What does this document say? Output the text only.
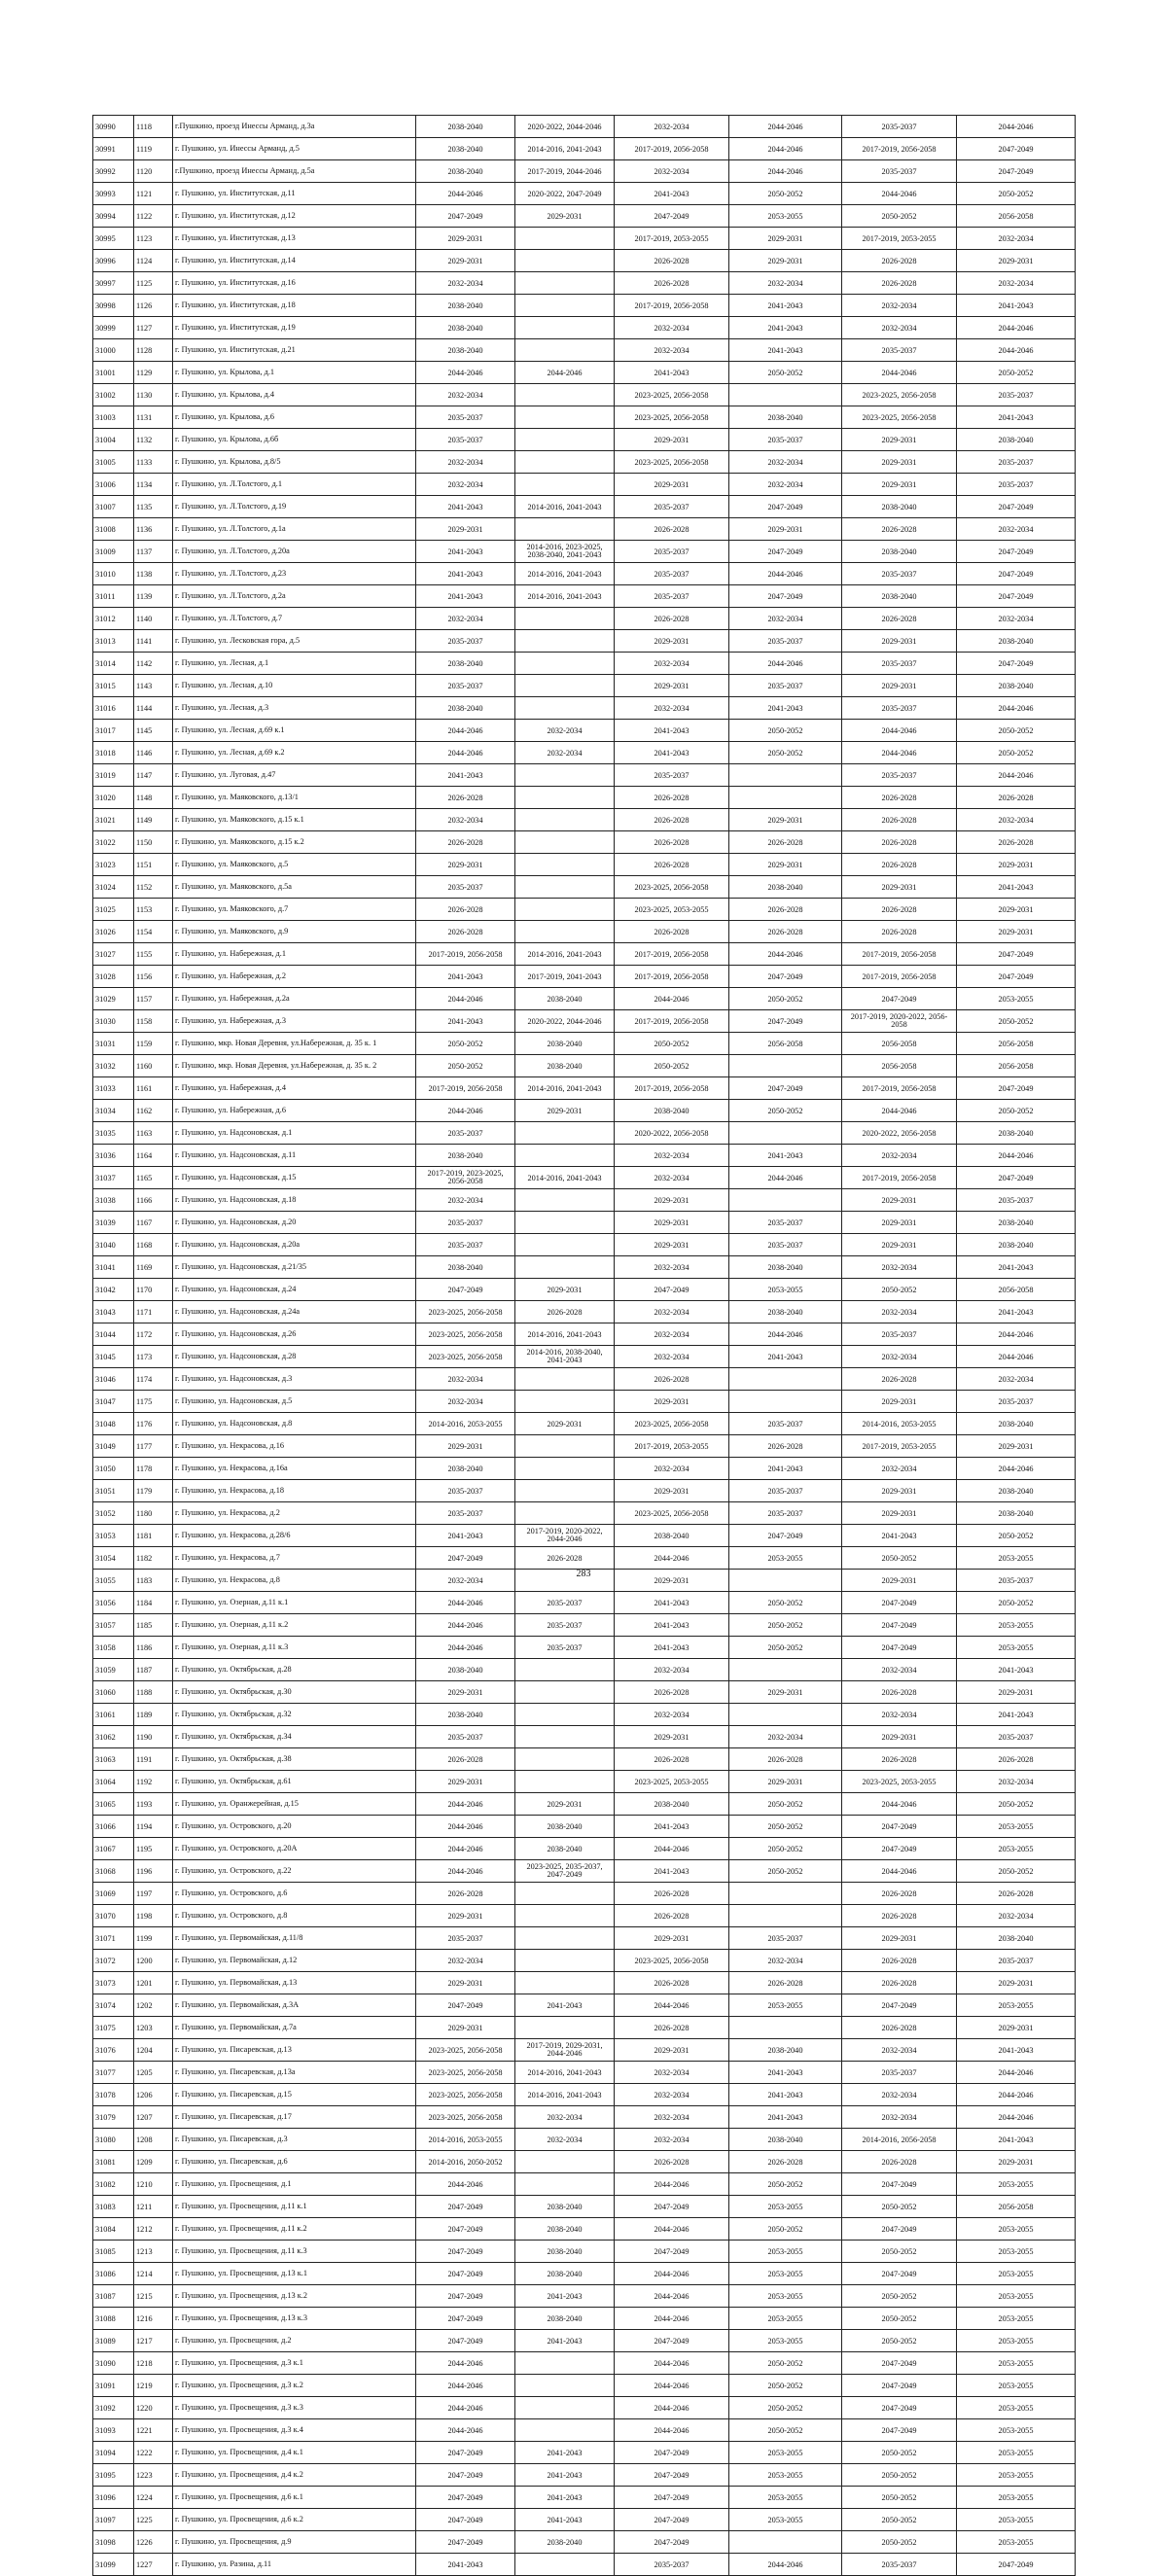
30990	1118	г.Пушкино, проезд Инессы Арманд, д.3а	2038-2040	2020-2022, 2044-2046	2032-2034	2044-2046	2035-2037	2044-2046
30991	1119	г. Пушкино, ул. Инессы Арманд, д.5	2038-2040	2014-2016, 2041-2043	2017-2019, 2056-2058	2044-2046	2017-2019, 2056-2058	2047-2049
30992	1120	г.Пушкино, проезд Инессы Арманд, д.5а	2038-2040	2017-2019, 2044-2046	2032-2034	2044-2046	2035-2037	2047-2049
30993	1121	г. Пушкино, ул. Институтская, д.11	2044-2046	2020-2022, 2047-2049	2041-2043	2050-2052	2044-2046	2050-2052
30994	1122	г. Пушкино, ул. Институтская, д.12	2047-2049	2029-2031	2047-2049	2053-2055	2050-2052	2056-2058
30995	1123	г. Пушкино, ул. Институтская, д.13	2029-2031		2017-2019, 2053-2055	2029-2031	2017-2019, 2053-2055	2032-2034
30996	1124	г. Пушкино, ул. Институтская, д.14	2029-2031		2026-2028	2029-2031	2026-2028	2029-2031
30997	1125	г. Пушкино, ул. Институтская, д.16	2032-2034		2026-2028	2032-2034	2026-2028	2032-2034
30998	1126	г. Пушкино, ул. Институтская, д.18	2038-2040		2017-2019, 2056-2058	2041-2043	2032-2034	2041-2043
30999	1127	г. Пушкино, ул. Институтская, д.19	2038-2040		2032-2034	2041-2043	2032-2034	2044-2046
31000	1128	г. Пушкино, ул. Институтская, д.21	2038-2040		2032-2034	2041-2043	2035-2037	2044-2046
31001	1129	г. Пушкино, ул. Крылова, д.1	2044-2046	2044-2046	2041-2043	2050-2052	2044-2046	2050-2052
31002	1130	г. Пушкино, ул. Крылова, д.4	2032-2034		2023-2025, 2056-2058		2023-2025, 2056-2058	2035-2037
31003	1131	г. Пушкино, ул. Крылова, д.6	2035-2037		2023-2025, 2056-2058	2038-2040	2023-2025, 2056-2058	2041-2043
31004	1132	г. Пушкино, ул. Крылова, д.6б	2035-2037		2029-2031	2035-2037	2029-2031	2038-2040
31005	1133	г. Пушкино, ул. Крылова, д.8/5	2032-2034		2023-2025, 2056-2058	2032-2034	2029-2031	2035-2037
31006	1134	г. Пушкино, ул. Л.Толстого, д.1	2032-2034		2029-2031	2032-2034	2029-2031	2035-2037
31007	1135	г. Пушкино, ул. Л.Толстого, д.19	2041-2043	2014-2016, 2041-2043	2035-2037	2047-2049	2038-2040	2047-2049
31008	1136	г. Пушкино, ул. Л.Толстого, д.1а	2029-2031		2026-2028	2029-2031	2026-2028	2032-2034
31009	1137	г. Пушкино, ул. Л.Толстого, д.20а	2041-2043	2014-2016, 2023-2025, 2038-2040, 2041-2043	2035-2037	2047-2049	2038-2040	2047-2049
31010	1138	г. Пушкино, ул. Л.Толстого, д.23	2041-2043	2014-2016, 2041-2043	2035-2037	2044-2046	2035-2037	2047-2049
31011	1139	г. Пушкино, ул. Л.Толстого, д.2а	2041-2043	2014-2016, 2041-2043	2035-2037	2047-2049	2038-2040	2047-2049
31012	1140	г. Пушкино, ул. Л.Толстого, д.7	2032-2034		2026-2028	2032-2034	2026-2028	2032-2034
31013	1141	г. Пушкино, ул. Лесковская гора, д.5	2035-2037		2029-2031	2035-2037	2029-2031	2038-2040
31014	1142	г. Пушкино, ул. Лесная, д.1	2038-2040		2032-2034	2044-2046	2035-2037	2047-2049
31015	1143	г. Пушкино, ул. Лесная, д.10	2035-2037		2029-2031	2035-2037	2029-2031	2038-2040
31016	1144	г. Пушкино, ул. Лесная, д.3	2038-2040		2032-2034	2041-2043	2035-2037	2044-2046
31017	1145	г. Пушкино, ул. Лесная, д.69 к.1	2044-2046	2032-2034	2041-2043	2050-2052	2044-2046	2050-2052
31018	1146	г. Пушкино, ул. Лесная, д.69 к.2	2044-2046	2032-2034	2041-2043	2050-2052	2044-2046	2050-2052
31019	1147	г. Пушкино, ул. Луговая, д.47	2041-2043		2035-2037		2035-2037	2044-2046
31020	1148	г. Пушкино, ул. Маяковского, д.13/1	2026-2028		2026-2028		2026-2028	2026-2028
31021	1149	г. Пушкино, ул. Маяковского, д.15 к.1	2032-2034		2026-2028	2029-2031	2026-2028	2032-2034
31022	1150	г. Пушкино, ул. Маяковского, д.15 к.2	2026-2028		2026-2028	2026-2028	2026-2028	2026-2028
31023	1151	г. Пушкино, ул. Маяковского, д.5	2029-2031		2026-2028	2029-2031	2026-2028	2029-2031
31024	1152	г. Пушкино, ул. Маяковского, д.5а	2035-2037		2023-2025, 2056-2058	2038-2040	2029-2031	2041-2043
31025	1153	г. Пушкино, ул. Маяковского, д.7	2026-2028		2023-2025, 2053-2055	2026-2028	2026-2028	2029-2031
31026	1154	г. Пушкино, ул. Маяковского, д.9	2026-2028		2026-2028	2026-2028	2026-2028	2029-2031
31027	1155	г. Пушкино, ул. Набережная, д.1	2017-2019, 2056-2058	2014-2016, 2041-2043	2017-2019, 2056-2058	2044-2046	2017-2019, 2056-2058	2047-2049
31028	1156	г. Пушкино, ул. Набережная, д.2	2041-2043	2017-2019, 2041-2043	2017-2019, 2056-2058	2047-2049	2017-2019, 2056-2058	2047-2049
31029	1157	г. Пушкино, ул. Набережная, д.2а	2044-2046	2038-2040	2044-2046	2050-2052	2047-2049	2053-2055
31030	1158	г. Пушкино, ул. Набережная, д.3	2041-2043	2020-2022, 2044-2046	2017-2019, 2056-2058	2047-2049	2017-2019, 2020-2022, 2056-2058	2050-2052
31031	1159	г. Пушкино, мкр. Новая Деревня, ул.Набережная, д. 35 к. 1	2050-2052	2038-2040	2050-2052	2056-2058	2056-2058	2056-2058
31032	1160	г. Пушкино, мкр. Новая Деревня, ул.Набережная, д. 35 к. 2	2050-2052	2038-2040	2050-2052		2056-2058	2056-2058
31033	1161	г. Пушкино, ул. Набережная, д.4	2017-2019, 2056-2058	2014-2016, 2041-2043	2017-2019, 2056-2058	2047-2049	2017-2019, 2056-2058	2047-2049
31034	1162	г. Пушкино, ул. Набережная, д.6	2044-2046	2029-2031	2038-2040	2050-2052	2044-2046	2050-2052
31035	1163	г. Пушкино, ул. Надсоновская, д.1	2035-2037		2020-2022, 2056-2058		2020-2022, 2056-2058	2038-2040
31036	1164	г. Пушкино, ул. Надсоновская, д.11	2038-2040		2032-2034	2041-2043	2032-2034	2044-2046
31037	1165	г. Пушкино, ул. Надсоновская, д.15	2017-2019, 2023-2025, 2056-2058	2014-2016, 2041-2043	2032-2034	2044-2046	2017-2019, 2056-2058	2047-2049
31038	1166	г. Пушкино, ул. Надсоновская, д.18	2032-2034		2029-2031		2029-2031	2035-2037
31039	1167	г. Пушкино, ул. Надсоновская, д.20	2035-2037		2029-2031	2035-2037	2029-2031	2038-2040
31040	1168	г. Пушкино, ул. Надсоновская, д.20а	2035-2037		2029-2031	2035-2037	2029-2031	2038-2040
31041	1169	г. Пушкино, ул. Надсоновская, д.21/35	2038-2040		2032-2034	2038-2040	2032-2034	2041-2043
31042	1170	г. Пушкино, ул. Надсоновская, д.24	2047-2049	2029-2031	2047-2049	2053-2055	2050-2052	2056-2058
31043	1171	г. Пушкино, ул. Надсоновская, д.24а	2023-2025, 2056-2058	2026-2028	2032-2034	2038-2040	2032-2034	2041-2043
31044	1172	г. Пушкино, ул. Надсоновская, д.26	2023-2025, 2056-2058	2014-2016, 2041-2043	2032-2034	2044-2046	2035-2037	2044-2046
31045	1173	г. Пушкино, ул. Надсоновская, д.28	2023-2025, 2056-2058	2014-2016, 2038-2040, 2041-2043	2032-2034	2041-2043	2032-2034	2044-2046
31046	1174	г. Пушкино, ул. Надсоновская, д.3	2032-2034		2026-2028		2026-2028	2032-2034
31047	1175	г. Пушкино, ул. Надсоновская, д.5	2032-2034		2029-2031		2029-2031	2035-2037
31048	1176	г. Пушкино, ул. Надсоновская, д.8	2014-2016, 2053-2055	2029-2031	2023-2025, 2056-2058	2035-2037	2014-2016, 2053-2055	2038-2040
31049	1177	г. Пушкино, ул. Некрасова, д.16	2029-2031		2017-2019, 2053-2055	2026-2028	2017-2019, 2053-2055	2029-2031
31050	1178	г. Пушкино, ул. Некрасова, д.16а	2038-2040		2032-2034	2041-2043	2032-2034	2044-2046
31051	1179	г. Пушкино, ул. Некрасова, д.18	2035-2037		2029-2031	2035-2037	2029-2031	2038-2040
31052	1180	г. Пушкино, ул. Некрасова, д.2	2035-2037		2023-2025, 2056-2058	2035-2037	2029-2031	2038-2040
31053	1181	г. Пушкино, ул. Некрасова, д.28/6	2041-2043	2017-2019, 2020-2022, 2044-2046	2038-2040	2047-2049	2041-2043	2050-2052
31054	1182	г. Пушкино, ул. Некрасова, д.7	2047-2049	2026-2028	2044-2046	2053-2055	2050-2052	2053-2055
31055	1183	г. Пушкино, ул. Некрасова, д.8	2032-2034		2029-2031		2029-2031	2035-2037
31056	1184	г. Пушкино, ул. Озерная, д.11 к.1	2044-2046	2035-2037	2041-2043	2050-2052	2047-2049	2050-2052
31057	1185	г. Пушкино, ул. Озерная, д.11 к.2	2044-2046	2035-2037	2041-2043	2050-2052	2047-2049	2053-2055
31058	1186	г. Пушкино, ул. Озерная, д.11 к.3	2044-2046	2035-2037	2041-2043	2050-2052	2047-2049	2053-2055
31059	1187	г. Пушкино, ул. Октябрьская, д.28	2038-2040		2032-2034		2032-2034	2041-2043
31060	1188	г. Пушкино, ул. Октябрьская, д.30	2029-2031		2026-2028	2029-2031	2026-2028	2029-2031
31061	1189	г. Пушкино, ул. Октябрьская, д.32	2038-2040		2032-2034		2032-2034	2041-2043
31062	1190	г. Пушкино, ул. Октябрьская, д.34	2035-2037		2029-2031	2032-2034	2029-2031	2035-2037
31063	1191	г. Пушкино, ул. Октябрьская, д.38	2026-2028		2026-2028	2026-2028	2026-2028	2026-2028
31064	1192	г. Пушкино, ул. Октябрьская, д.61	2029-2031		2023-2025, 2053-2055	2029-2031	2023-2025, 2053-2055	2032-2034
31065	1193	г. Пушкино, ул. Оранжерейная, д.15	2044-2046	2029-2031	2038-2040	2050-2052	2044-2046	2050-2052
31066	1194	г. Пушкино, ул. Островского, д.20	2044-2046	2038-2040	2041-2043	2050-2052	2047-2049	2053-2055
31067	1195	г. Пушкино, ул. Островского, д.20А	2044-2046	2038-2040	2044-2046	2050-2052	2047-2049	2053-2055
31068	1196	г. Пушкино, ул. Островского, д.22	2044-2046	2023-2025, 2035-2037, 2047-2049	2041-2043	2050-2052	2044-2046	2050-2052
31069	1197	г. Пушкино, ул. Островского, д.6	2026-2028		2026-2028		2026-2028	2026-2028
31070	1198	г. Пушкино, ул. Островского, д.8	2029-2031		2026-2028		2026-2028	2032-2034
31071	1199	г. Пушкино, ул. Первомайская, д.11/8	2035-2037		2029-2031	2035-2037	2029-2031	2038-2040
31072	1200	г. Пушкино, ул. Первомайская, д.12	2032-2034		2023-2025, 2056-2058	2032-2034	2026-2028	2035-2037
31073	1201	г. Пушкино, ул. Первомайская, д.13	2029-2031		2026-2028	2026-2028	2026-2028	2029-2031
31074	1202	г. Пушкино, ул. Первомайская, д.3А	2047-2049	2041-2043	2044-2046	2053-2055	2047-2049	2053-2055
31075	1203	г. Пушкино, ул. Первомайская, д.7а	2029-2031		2026-2028		2026-2028	2029-2031
31076	1204	г. Пушкино, ул. Писаревская, д.13	2023-2025, 2056-2058	2017-2019, 2029-2031, 2044-2046	2029-2031	2038-2040	2032-2034	2041-2043
31077	1205	г. Пушкино, ул. Писаревская, д.13а	2023-2025, 2056-2058	2014-2016, 2041-2043	2032-2034	2041-2043	2035-2037	2044-2046
31078	1206	г. Пушкино, ул. Писаревская, д.15	2023-2025, 2056-2058	2014-2016, 2041-2043	2032-2034	2041-2043	2032-2034	2044-2046
31079	1207	г. Пушкино, ул. Писаревская, д.17	2023-2025, 2056-2058	2032-2034	2032-2034	2041-2043	2032-2034	2044-2046
31080	1208	г. Пушкино, ул. Писаревская, д.3	2014-2016, 2053-2055	2032-2034	2032-2034	2038-2040	2014-2016, 2056-2058	2041-2043
31081	1209	г. Пушкино, ул. Писаревская, д.6	2014-2016, 2050-2052		2026-2028	2026-2028	2026-2028	2029-2031
31082	1210	г. Пушкино, ул. Просвещения, д.1	2044-2046		2044-2046	2050-2052	2047-2049	2053-2055
31083	1211	г. Пушкино, ул. Просвещения, д.11 к.1	2047-2049	2038-2040	2047-2049	2053-2055	2050-2052	2056-2058
31084	1212	г. Пушкино, ул. Просвещения, д.11 к.2	2047-2049	2038-2040	2044-2046	2050-2052	2047-2049	2053-2055
31085	1213	г. Пушкино, ул. Просвещения, д.11 к.3	2047-2049	2038-2040	2047-2049	2053-2055	2050-2052	2053-2055
31086	1214	г. Пушкино, ул. Просвещения, д.13 к.1	2047-2049	2038-2040	2044-2046	2053-2055	2047-2049	2053-2055
31087	1215	г. Пушкино, ул. Просвещения, д.13 к.2	2047-2049	2041-2043	2044-2046	2053-2055	2050-2052	2053-2055
31088	1216	г. Пушкино, ул. Просвещения, д.13 к.3	2047-2049	2038-2040	2044-2046	2053-2055	2050-2052	2053-2055
31089	1217	г. Пушкино, ул. Просвещения, д.2	2047-2049	2041-2043	2047-2049	2053-2055	2050-2052	2053-2055
31090	1218	г. Пушкино, ул. Просвещения, д.3 к.1	2044-2046		2044-2046	2050-2052	2047-2049	2053-2055
31091	1219	г. Пушкино, ул. Просвещения, д.3 к.2	2044-2046		2044-2046	2050-2052	2047-2049	2053-2055
31092	1220	г. Пушкино, ул. Просвещения, д.3 к.3	2044-2046		2044-2046	2050-2052	2047-2049	2053-2055
31093	1221	г. Пушкино, ул. Просвещения, д.3 к.4	2044-2046		2044-2046	2050-2052	2047-2049	2053-2055
31094	1222	г. Пушкино, ул. Просвещения, д.4 к.1	2047-2049	2041-2043	2047-2049	2053-2055	2050-2052	2053-2055
31095	1223	г. Пушкино, ул. Просвещения, д.4 к.2	2047-2049	2041-2043	2047-2049	2053-2055	2050-2052	2053-2055
31096	1224	г. Пушкино, ул. Просвещения, д.6 к.1	2047-2049	2041-2043	2047-2049	2053-2055	2050-2052	2053-2055
31097	1225	г. Пушкино, ул. Просвещения, д.6 к.2	2047-2049	2041-2043	2047-2049	2053-2055	2050-2052	2053-2055
31098	1226	г. Пушкино, ул. Просвещения, д.9	2047-2049	2038-2040	2047-2049		2050-2052	2053-2055
31099	1227	г. Пушкино, ул. Разина, д.11	2041-2043		2035-2037	2044-2046	2035-2037	2047-2049
283
